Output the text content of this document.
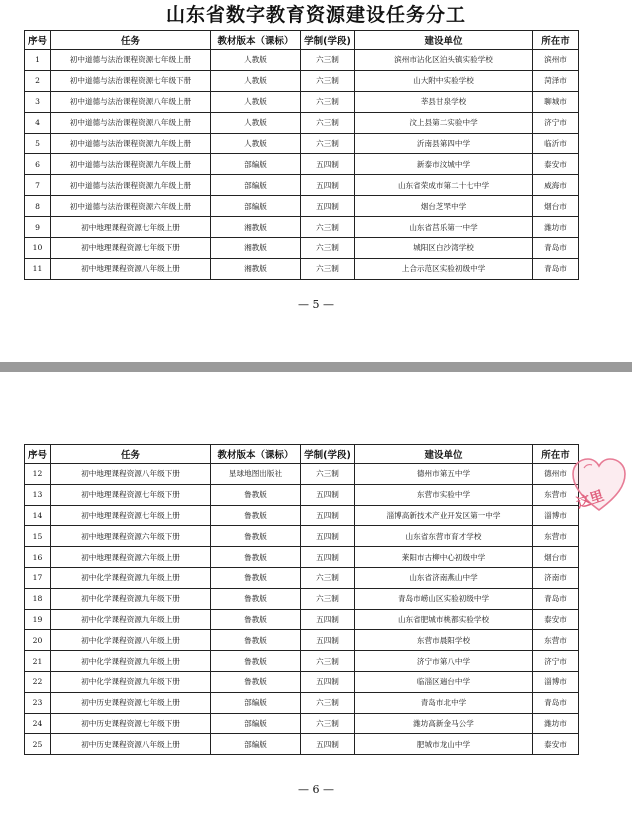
山东省数字教育资源建设任务分工
序号	任务	教材版本（课标）	学制(学段)	建设单位	所在市
1	初中道德与法治课程资源七年级上册	人教版	六三制	滨州市沾化区泊头镇实验学校	滨州市
2	初中道德与法治课程资源七年级下册	人教版	六三制	山大附中实验学校	菏泽市
3	初中道德与法治课程资源八年级上册	人教版	六三制	莘县甘泉学校	聊城市
4	初中道德与法治课程资源八年级上册	人教版	六三制	汶上县第二实验中学	济宁市
5	初中道德与法治课程资源九年级上册	人教版	六三制	沂南县第四中学	临沂市
6	初中道德与法治课程资源九年级上册	部编版	五四制	新泰市汶城中学	泰安市
7	初中道德与法治课程资源九年级上册	部编版	五四制	山东省荣成市第二十七中学	威海市
8	初中道德与法治课程资源六年级上册	部编版	五四制	烟台芝罘中学	烟台市
9	初中地理课程资源七年级上册	湘教版	六三制	山东省莒乐第一中学	潍坊市
10	初中地理课程资源七年级下册	湘教版	六三制	城阳区白沙湾学校	青岛市
11	初中地理课程资源八年级上册	湘教版	六三制	上合示范区实验初级中学	青岛市
— 5 —
序号	任务	教材版本（课标）	学制(学段)	建设单位	所在市
12	初中地理课程资源八年级下册	星球地图出版社	六三制	德州市第五中学	德州市
13	初中地理课程资源七年级下册	鲁教版	五四制	东营市实验中学	东营市
14	初中地理课程资源七年级上册	鲁教版	五四制	淄博高新技术产业开发区第一中学	淄博市
15	初中地理课程资源六年级下册	鲁教版	五四制	山东省东营市育才学校	东营市
16	初中地理课程资源六年级上册	鲁教版	五四制	莱阳市古柳中心初级中学	烟台市
17	初中化学课程资源九年级上册	鲁教版	六三制	山东省济南燕山中学	济南市
18	初中化学课程资源九年级下册	鲁教版	六三制	青岛市崂山区实验初级中学	青岛市
19	初中化学课程资源九年级上册	鲁教版	五四制	山东省肥城市桃都实验学校	泰安市
20	初中化学课程资源八年级上册	鲁教版	五四制	东营市晨阳学校	东营市
21	初中化学课程资源九年级上册	鲁教版	六三制	济宁市第八中学	济宁市
22	初中化学课程资源九年级下册	鲁教版	五四制	临淄区遄台中学	淄博市
23	初中历史课程资源七年级上册	部编版	六三制	青岛市北中学	青岛市
24	初中历史课程资源七年级下册	部编版	六三制	潍坊高新金马公学	潍坊市
25	初中历史课程资源八年级上册	部编版	五四制	肥城市龙山中学	泰安市
— 6 —
这里
